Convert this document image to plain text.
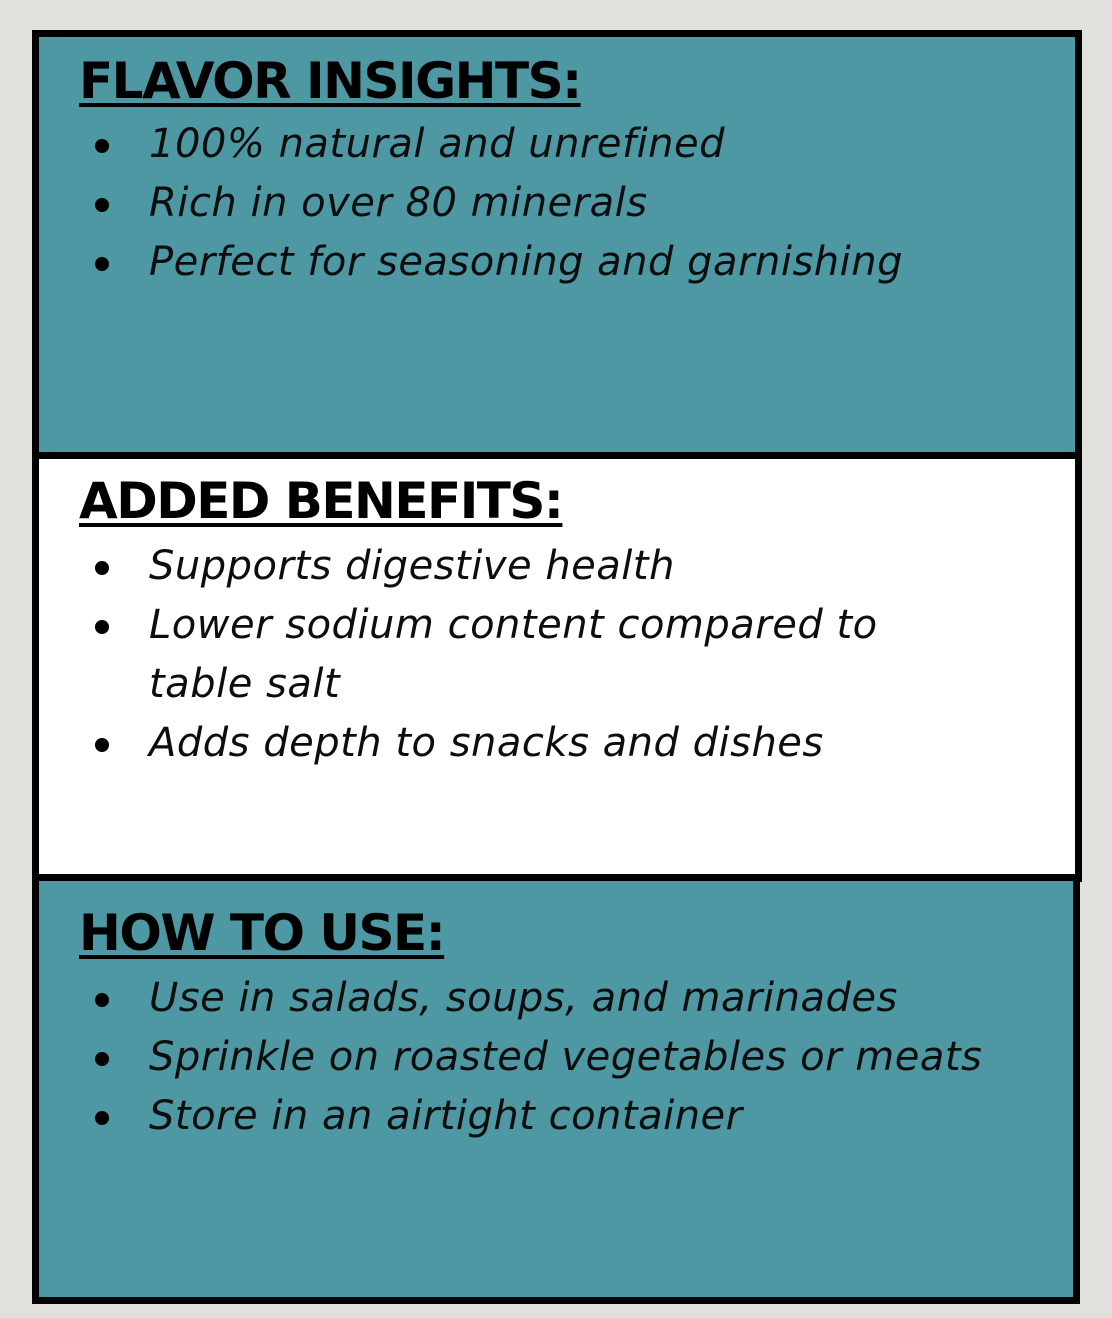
FLAVOR INSIGHTS:
100% natural and unrefined
Rich in over 80 minerals
Perfect for seasoning and garnishing
ADDED BENEFITS:
Supports digestive health
Lower sodium content compared to table salt
Adds depth to snacks and dishes
HOW TO USE:
Use in salads, soups, and marinades
Sprinkle on roasted vegetables or meats
Store in an airtight container
